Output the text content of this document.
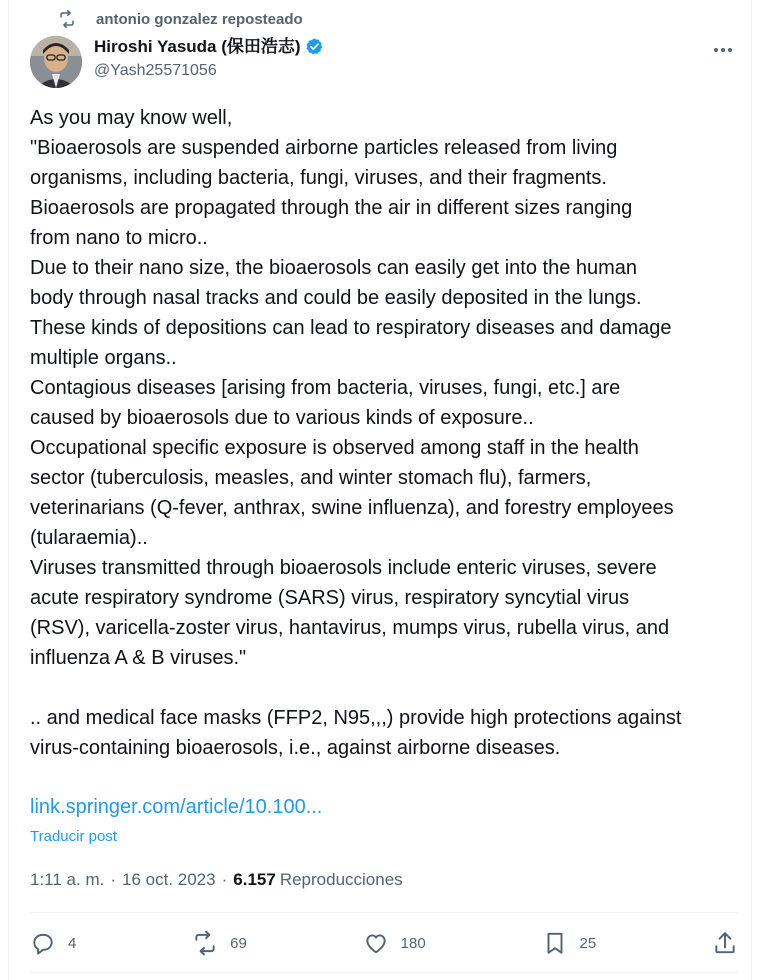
antonio gonzalez reposteado
Hiroshi Yasuda (保田浩志)
@Yash25571056
As you may know well,
"Bioaerosols are suspended airborne particles released from living
organisms, including bacteria, fungi, viruses, and their fragments.
Bioaerosols are propagated through the air in different sizes ranging
from nano to micro..
Due to their nano size, the bioaerosols can easily get into the human
body through nasal tracks and could be easily deposited in the lungs.
These kinds of depositions can lead to respiratory diseases and damage
multiple organs..
Contagious diseases [arising from bacteria, viruses, fungi, etc.] are
caused by bioaerosols due to various kinds of exposure..
Occupational specific exposure is observed among staff in the health
sector (tuberculosis, measles, and winter stomach flu), farmers,
veterinarians (Q-fever, anthrax, swine influenza), and forestry employees
(tularaemia)..
Viruses transmitted through bioaerosols include enteric viruses, severe
acute respiratory syndrome (SARS) virus, respiratory syncytial virus
(RSV), varicella-zoster virus, hantavirus, mumps virus, rubella virus, and
influenza A & B viruses."

.. and medical face masks (FFP2, N95,,,) provide high protections against
virus-containing bioaerosols, i.e., against airborne diseases.
link.springer.com/article/10.100...
Traducir post
1:11 a. m. · 16 oct. 2023 · 6.157 Reproducciones
4	69	180	25
